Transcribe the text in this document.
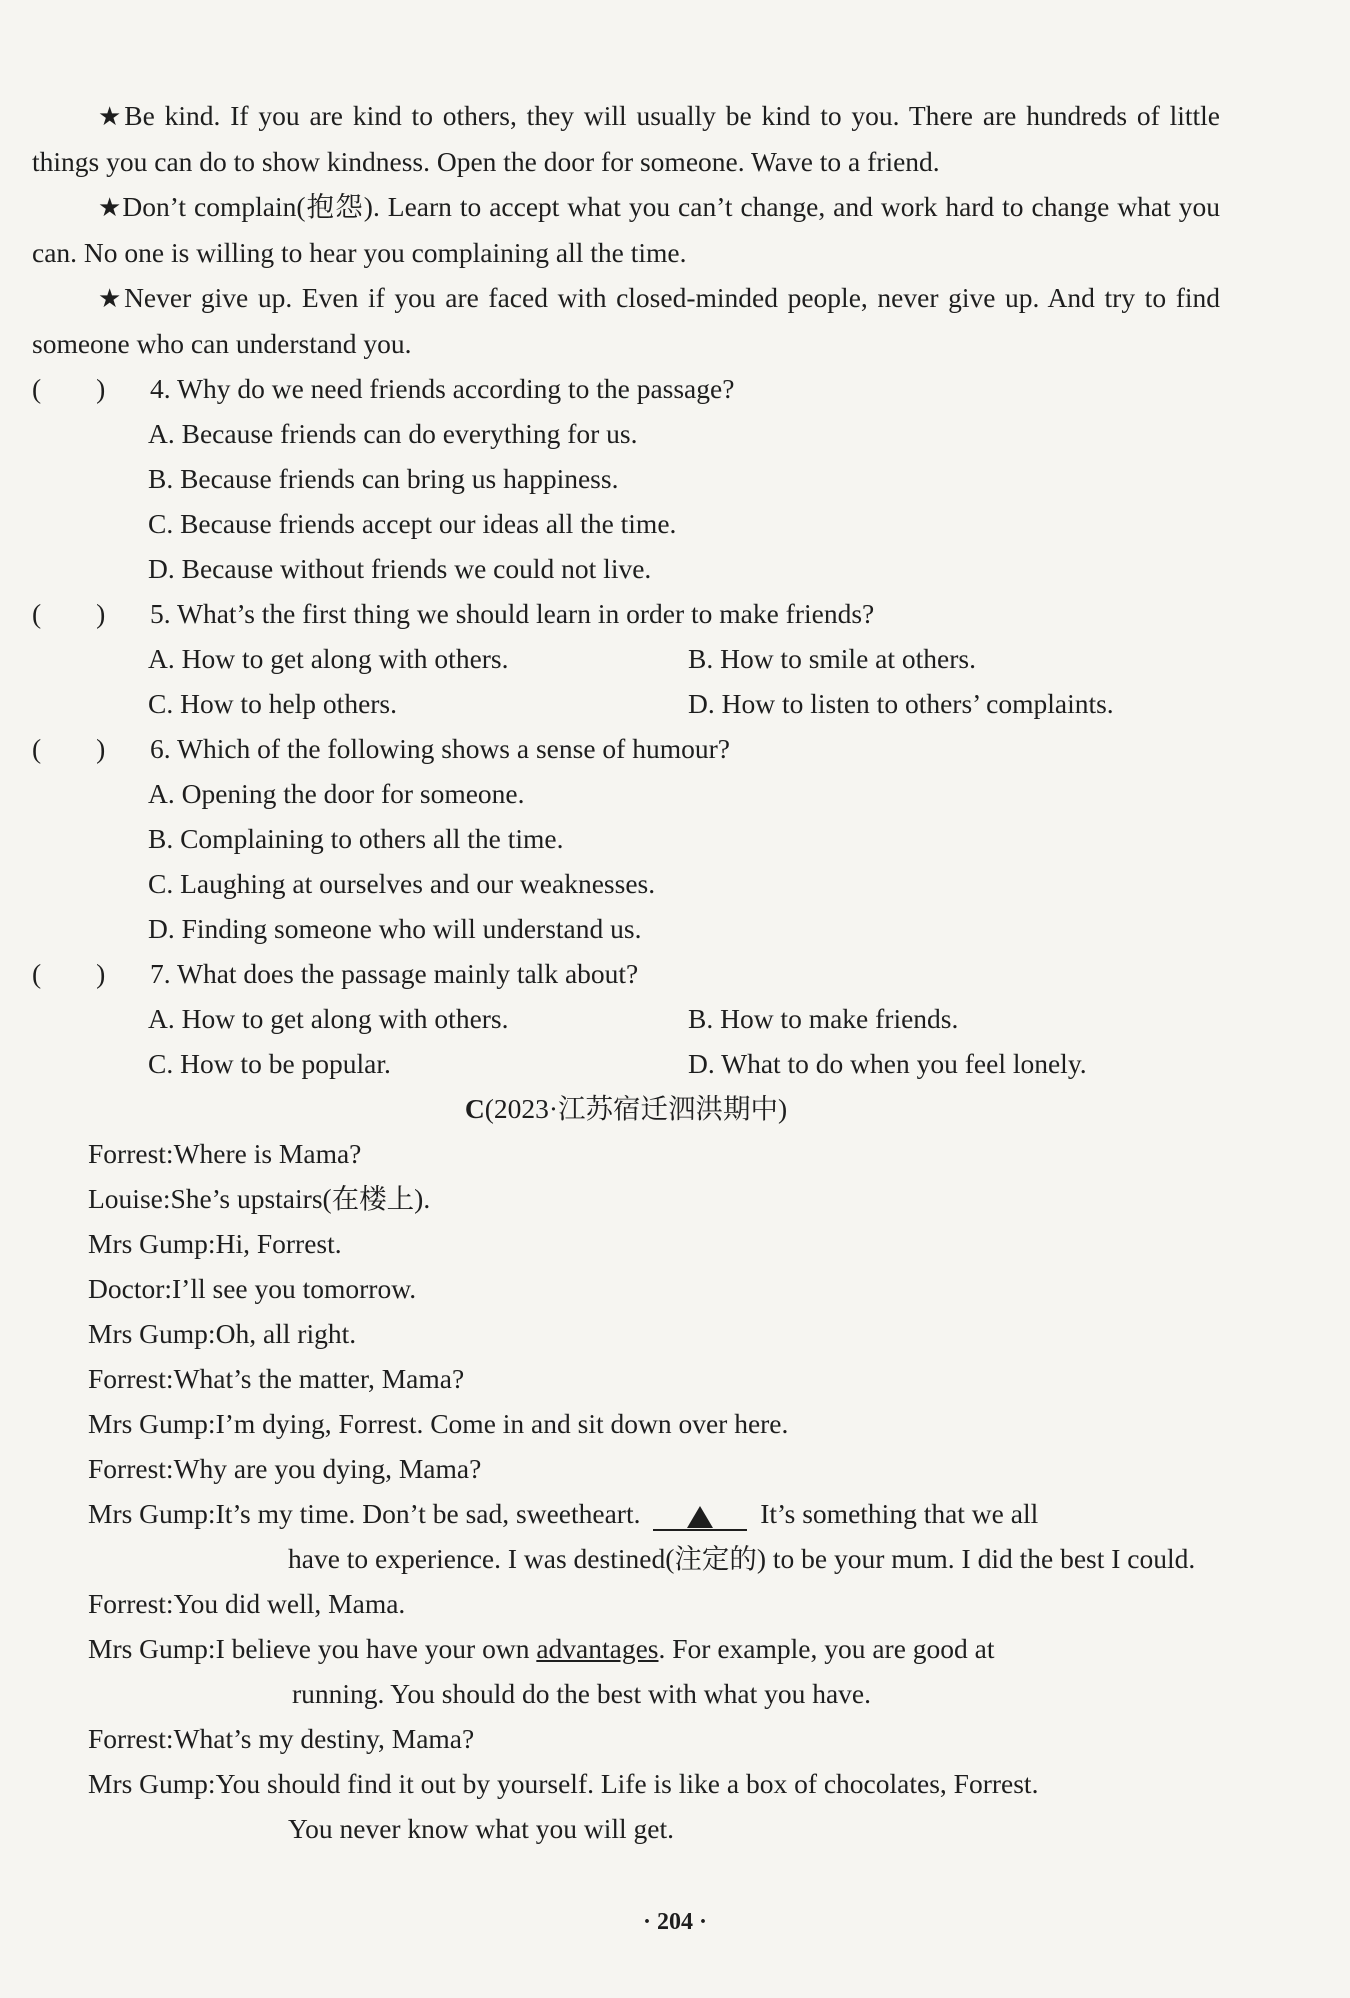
★Be kind. If you are kind to others, they will usually be kind to you. There are hundreds of little things you can do to show kindness. Open the door for someone. Wave to a friend.

★Don’t complain(抱怨). Learn to accept what you can’t change, and work hard to change what you can. No one is willing to hear you complaining all the time.

★Never give up. Even if you are faced with closed-minded people, never give up. And try to find someone who can understand you.

(　　) 4. Why do we need friends according to the passage?

A. Because friends can do everything for us.

B. Because friends can bring us happiness.

C. Because friends accept our ideas all the time.

D. Because without friends we could not live.

(　　) 5. What’s the first thing we should learn in order to make friends?

A. How to get along with others.	B. How to smile at others.
C. How to help others.	D. How to listen to others’ complaints.

(　　) 6. Which of the following shows a sense of humour?

A. Opening the door for someone.

B. Complaining to others all the time.

C. Laughing at ourselves and our weaknesses.

D. Finding someone who will understand us.

(　　) 7. What does the passage mainly talk about?

A. How to get along with others.	B. How to make friends.
C. How to be popular.	D. What to do when you feel lonely.

C(2023·江苏宿迁泗洪期中)

Forrest: Where is Mama?
Louise: She’s upstairs(在楼上).
Mrs Gump: Hi, Forrest.
Doctor: I’ll see you tomorrow.
Mrs Gump: Oh, all right.
Forrest: What’s the matter, Mama?
Mrs Gump: I’m dying, Forrest. Come in and sit down over here.
Forrest: Why are you dying, Mama?
Mrs Gump: It’s my time. Don’t be sad, sweetheart.	It’s something that we all
have to experience. I was destined(注定的) to be your mum. I did the best I could.
Forrest: You did well, Mama.
Mrs Gump: I believe you have your own advantages. For example, you are good at
running. You should do the best with what you have.
Forrest: What’s my destiny, Mama?
Mrs Gump: You should find it out by yourself. Life is like a box of chocolates, Forrest.
You never know what you will get.
· 204 ·
